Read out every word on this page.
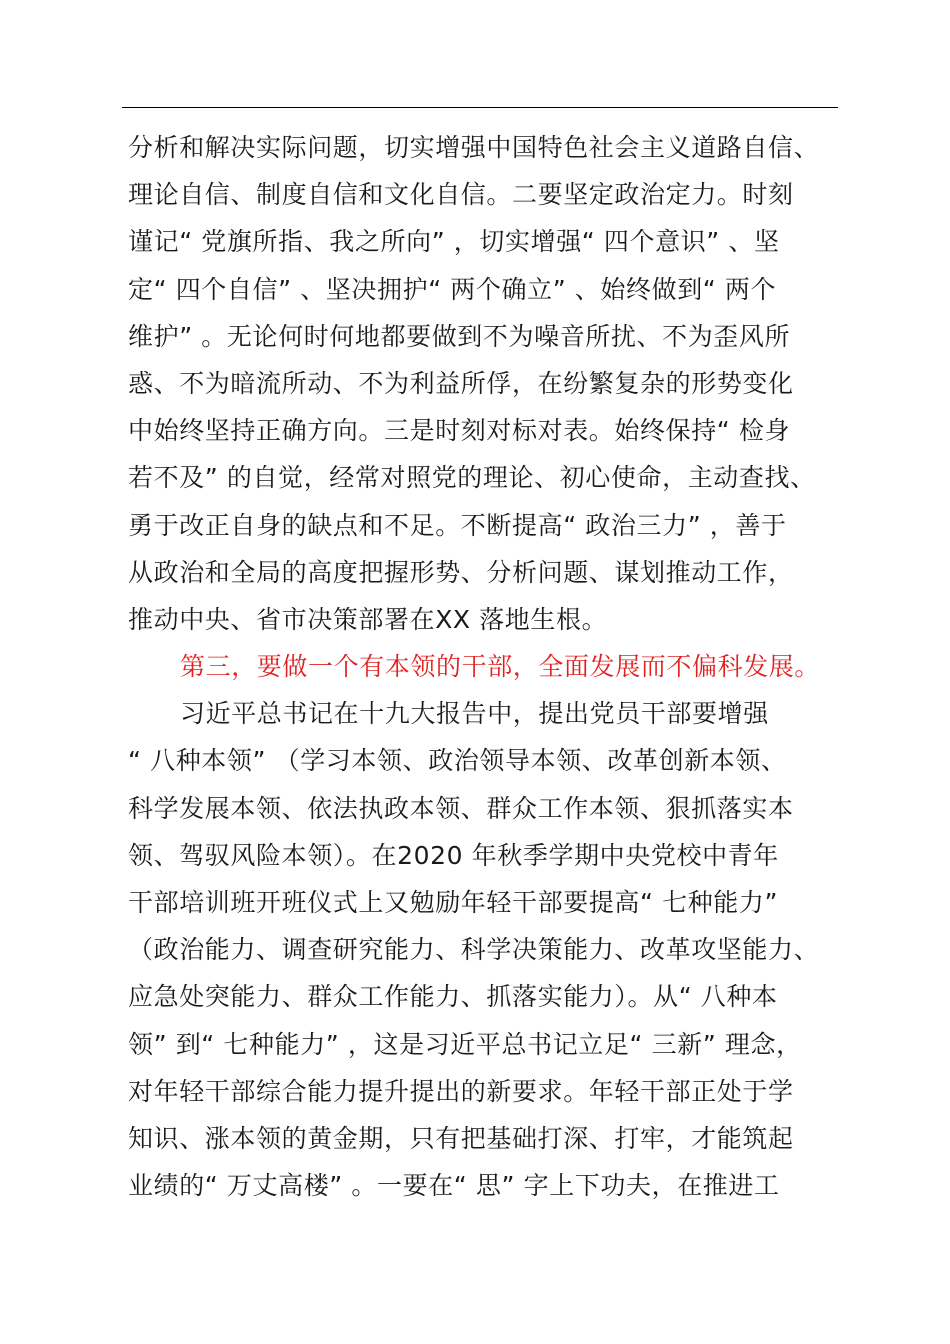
分析和解决实际问题，切实增强中国特色社会主义道路自信、
理论自信、制度自信和文化自信。二要坚定政治定力。时刻
谨记“ 党旗所指、我之所向” ，切实增强“ 四个意识” 、坚
定“ 四个自信” 、坚决拥护“ 两个确立” 、始终做到“ 两个
维护” 。无论何时何地都要做到不为噪音所扰、不为歪风所
惑、不为暗流所动、不为利益所俘，在纷繁复杂的形势变化
中始终坚持正确方向。三是时刻对标对表。始终保持“ 检身
若不及” 的自觉，经常对照党的理论、初心使命，主动查找、
勇于改正自身的缺点和不足。不断提高“ 政治三力” ，善于
从政治和全局的高度把握形势、分析问题、谋划推动工作，
推动中央、省市决策部署在XX 落地生根。
第三，要做一个有本领的干部，全面发展而不偏科发展。
习近平总书记在十九大报告中，提出党员干部要增强
“ 八种本领” （学习本领、政治领导本领、改革创新本领、
科学发展本领、依法执政本领、群众工作本领、狠抓落实本
领、驾驭风险本领）。在2020 年秋季学期中央党校中青年
干部培训班开班仪式上又勉励年轻干部要提高“ 七种能力”
（政治能力、调查研究能力、科学决策能力、改革攻坚能力、
应急处突能力、群众工作能力、抓落实能力）。从“ 八种本
领” 到“ 七种能力” ，这是习近平总书记立足“ 三新” 理念，
对年轻干部综合能力提升提出的新要求。年轻干部正处于学
知识、涨本领的黄金期，只有把基础打深、打牢，才能筑起
业绩的“ 万丈高楼” 。一要在“ 思” 字上下功夫，在推进工
